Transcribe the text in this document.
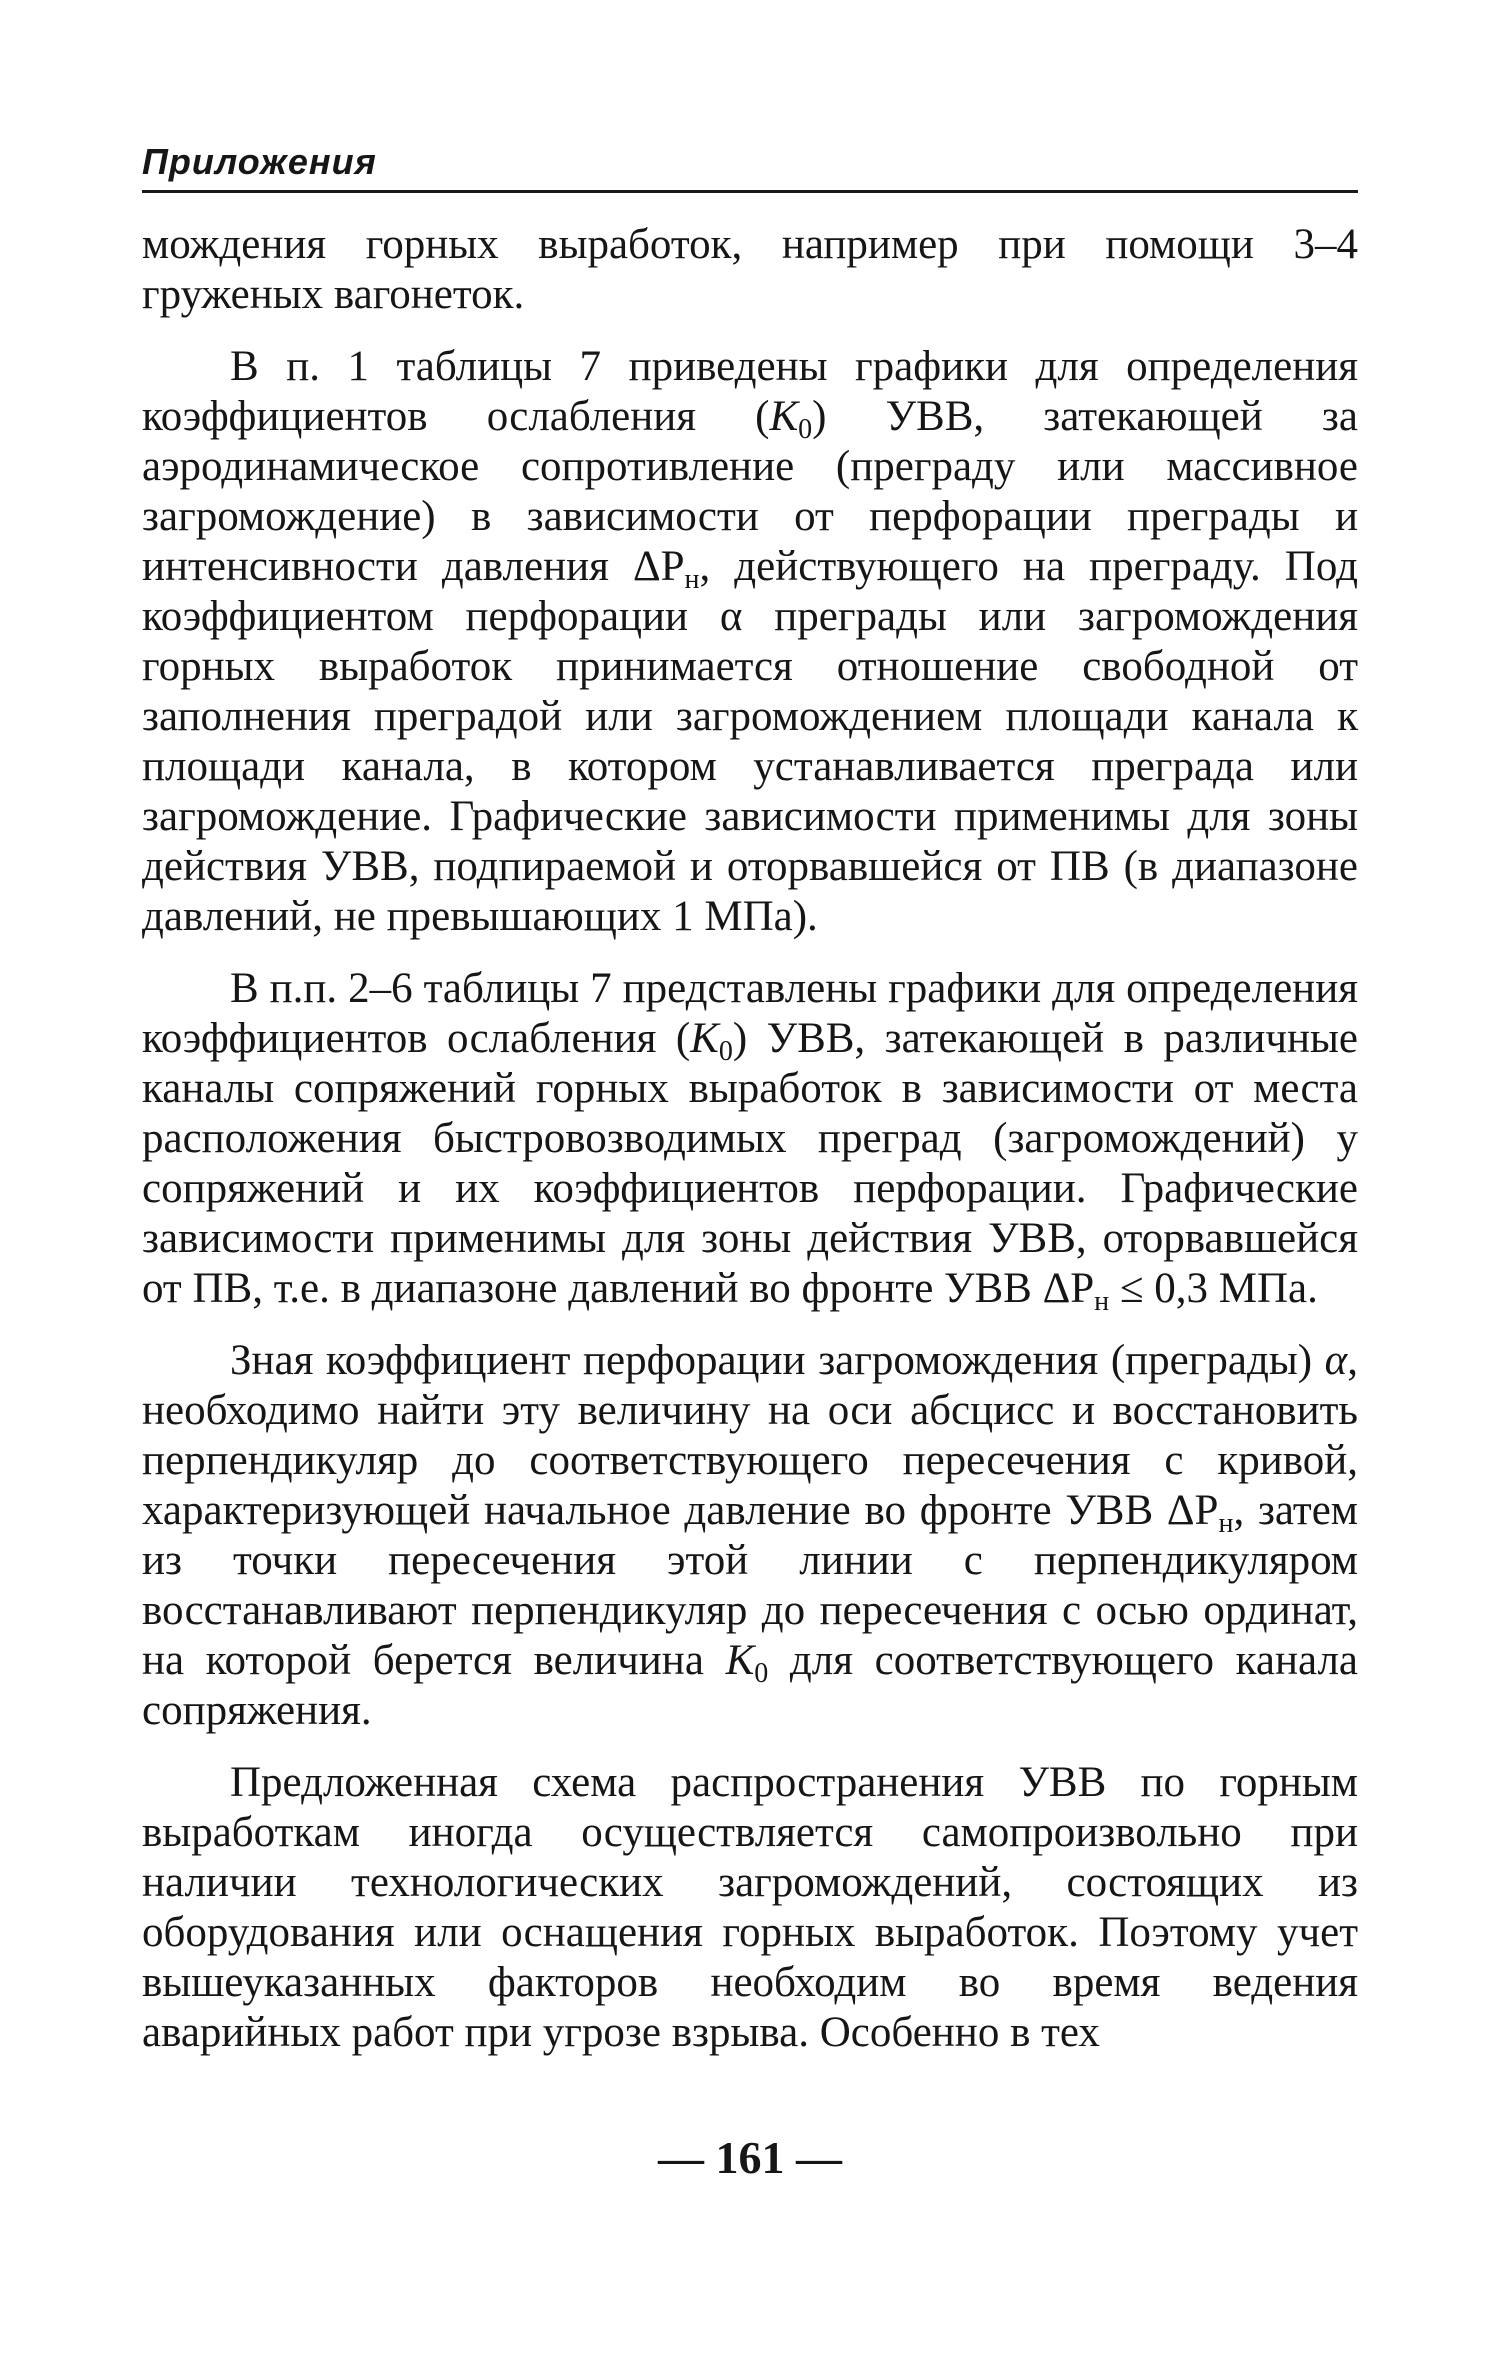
Приложения

мождения горных выработок, например при помощи 3–4 груженых вагонеток.

В п. 1 таблицы 7 приведены графики для определения коэффициентов ослабления $(K_0)$ УВВ, затекающей за аэродинамическое сопротивление (преграду или массивное загромождение) в зависимости от перфорации преграды и интенсивности давления $\Delta P_н$, действующего на преграду. Под коэффициентом перфорации α преграды или загромождения горных выработок принимается отношение свободной от заполнения преградой или загромождением площади канала к площади канала, в котором устанавливается преграда или загромождение. Графические зависимости применимы для зоны действия УВВ, подпираемой и оторвавшейся от ПВ (в диапазоне давлений, не превышающих 1 МПа).

В п.п. 2–6 таблицы 7 представлены графики для определения коэффициентов ослабления $(K_0)$ УВВ, затекающей в различные каналы сопряжений горных выработок в зависимости от места расположения быстровозводимых преград (загромождений) у сопряжений и их коэффициентов перфорации. Графические зависимости применимы для зоны действия УВВ, оторвавшейся от ПВ, т.е. в диапазоне давлений во фронте УВВ $\Delta P_н \le 0,3$ МПа.

Зная коэффициент перфорации загромождения (преграды) α, необходимо найти эту величину на оси абсцисс и восстановить перпендикуляр до соответствующего пересечения с кривой, характеризующей начальное давление во фронте УВВ $\Delta P_н$, затем из точки пересечения этой линии с перпендикуляром восстанавливают перпендикуляр до пересечения с осью ординат, на которой берется величина $K_0$ для соответствующего канала сопряжения.

Предложенная схема распространения УВВ по горным выработкам иногда осуществляется самопроизвольно при наличии технологических загромождений, состоящих из оборудования или оснащения горных выработок. Поэтому учет вышеуказанных факторов необходим во время ведения аварийных работ при угрозе взрыва. Особенно в тех

— 161 —
